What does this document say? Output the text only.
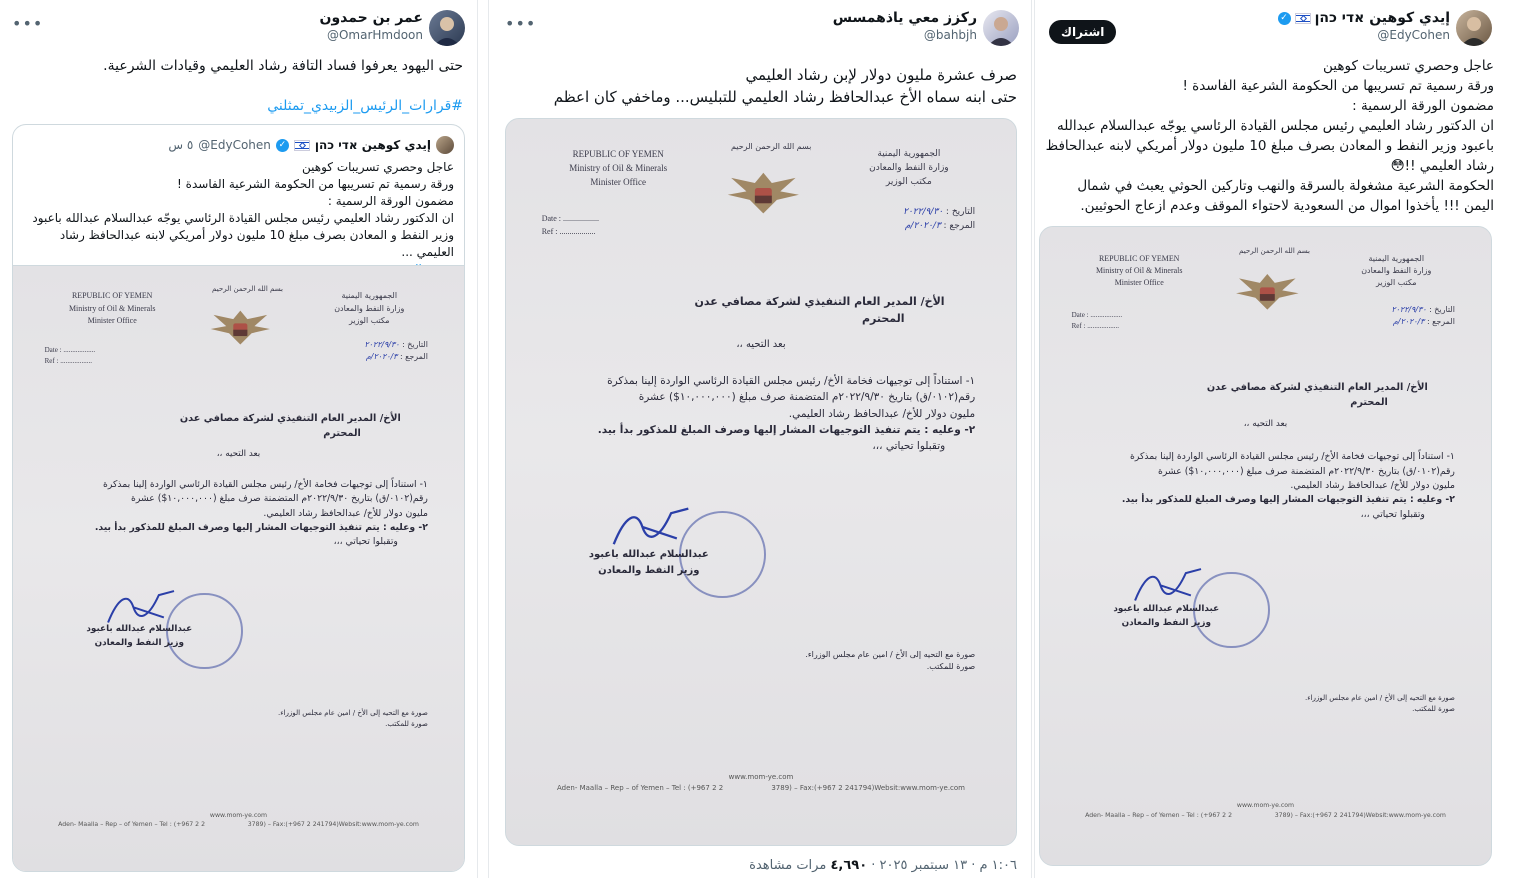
عمر بن حمدون
@OmarHmdoon
•••
حتى اليهود يعرفوا فساد التافة رشاد العليمي وقيادات الشرعية.
#قرارات_الرئيس_الزبيدي_تمثلني
إيدي كوهين אדי כהן
✓
@EdyCohen
٥ س
عاجل وحصري تسريبات كوهين
ورقة رسمية تم تسريبها من الحكومة الشرعية الفاسدة !
مضمون الورقة الرسمية :
ان الدكتور رشاد العليمي رئيس مجلس القيادة الرئاسي يوجّه عبدالسلام عبدالله باعبود
وزير النفط و المعادن بصرف مبلغ 10 مليون دولار أمريكي لابنه عبدالحافظ رشاد العليمي ...
REPUBLIC OF YEMEN
Ministry of Oil & Minerals
Minister Office
الجمهورية اليمنية
وزارة النفط والمعادن
مكتب الوزير
بسم الله الرحمن الرحيم
Date : ..................
Ref : ..................
التاريخ : ٢٠٢٢/٩/٣٠
المرجع : ٢٠٢٠/٣/م
الأخ/ المدير العام التنفيذي لشركة مصافي عدن المحترم
بعد التحيه ،،

١- استناداً إلى توجيهات فخامة الأخ/ رئيس مجلس القيادة الرئاسي الواردة إلينا بمذكرة

رقم(٠١٠٢/ق) بتاريخ ٢٠٢٢/٩/٣٠م المتضمنة صرف مبلغ (١٠,٠٠٠,٠٠٠$) عشرة

مليون دولار للأخ/ عبدالحافظ رشاد العليمي.

٢- وعليه : يتم تنفيذ التوجيهات المشار إليها وصرف المبلغ للمذكور بدأ بيد.

وتقبلوا تحياتي ،،،

عبدالسلام عبدالله باعبود
وزير النفط والمعادن
صورة مع التحيه إلى الأخ / امين عام مجلس الوزراء.
صورة للمكتب.
www.mom-ye.com
Aden- Maalla – Rep – of Yemen – Tel : (+967 2 2	3789) – Fax:(+967 2 241794)Websit:www.mom-ye.com
ركزز معي ياذهمسس
@bahbjh
•••
صرف عشرة مليون دولار لإبن رشاد العليمي
حتى ابنه سماه الأخ عبدالحافظ رشاد العليمي للتبليس... وماخفي كان اعظم
REPUBLIC OF YEMEN
Ministry of Oil & Minerals
Minister Office
الجمهورية اليمنية
وزارة النفط والمعادن
مكتب الوزير
بسم الله الرحمن الرحيم
Date : ..................
Ref : ..................
التاريخ : ٢٠٢٢/٩/٣٠
المرجع : ٢٠٢٠/٣/م
الأخ/ المدير العام التنفيذي لشركة مصافي عدن المحترم
بعد التحيه ،،

١- استناداً إلى توجيهات فخامة الأخ/ رئيس مجلس القيادة الرئاسي الواردة إلينا بمذكرة

رقم(٠١٠٢/ق) بتاريخ ٢٠٢٢/٩/٣٠م المتضمنة صرف مبلغ (١٠,٠٠٠,٠٠٠$) عشرة

مليون دولار للأخ/ عبدالحافظ رشاد العليمي.

٢- وعليه : يتم تنفيذ التوجيهات المشار إليها وصرف المبلغ للمذكور بدأ بيد.

وتقبلوا تحياتي ،،،

عبدالسلام عبدالله باعبود
وزير النفط والمعادن
صورة مع التحيه إلى الأخ / امين عام مجلس الوزراء.
صورة للمكتب.
www.mom-ye.com
Aden- Maalla – Rep – of Yemen – Tel : (+967 2 2	3789) – Fax:(+967 2 241794)Websit:www.mom-ye.com
١:٠٦ م · ١٣ سبتمبر ٢٠٢٥ · ٤,٦٩٠ مرات مشاهدة
إيدي كوهين אדי כהן
✓
@EdyCohen
اشتراك
عاجل وحصري تسريبات كوهين
ورقة رسمية تم تسريبها من الحكومة الشرعية الفاسدة !
مضمون الورقة الرسمية :
ان الدكتور رشاد العليمي رئيس مجلس القيادة الرئاسي يوجّه عبدالسلام عبدالله
باعبود وزير النفط و المعادن بصرف مبلغ 10 مليون دولار أمريكي لابنه عبدالحافظ
رشاد العليمي !!😳
الحكومة الشرعية مشغولة بالسرقة والنهب وتاركين الحوثي يعبث في شمال
اليمن !!! يأخذوا اموال من السعودية لاحتواء الموقف وعدم ازعاج الحوثيين.
REPUBLIC OF YEMEN
Ministry of Oil & Minerals
Minister Office
الجمهورية اليمنية
وزارة النفط والمعادن
مكتب الوزير
بسم الله الرحمن الرحيم
Date : ..................
Ref : ..................
التاريخ : ٢٠٢٢/٩/٣٠
المرجع : ٢٠٢٠/٣/م
الأخ/ المدير العام التنفيذي لشركة مصافي عدن المحترم
بعد التحيه ،،

١- استناداً إلى توجيهات فخامة الأخ/ رئيس مجلس القيادة الرئاسي الواردة إلينا بمذكرة

رقم(٠١٠٢/ق) بتاريخ ٢٠٢٢/٩/٣٠م المتضمنة صرف مبلغ (١٠,٠٠٠,٠٠٠$) عشرة

مليون دولار للأخ/ عبدالحافظ رشاد العليمي.

٢- وعليه : يتم تنفيذ التوجيهات المشار إليها وصرف المبلغ للمذكور بدأ بيد.

وتقبلوا تحياتي ،،،

عبدالسلام عبدالله باعبود
وزير النفط والمعادن
صورة مع التحيه إلى الأخ / امين عام مجلس الوزراء.
صورة للمكتب.
www.mom-ye.com
Aden- Maalla – Rep – of Yemen – Tel : (+967 2 2	3789) – Fax:(+967 2 241794)Websit:www.mom-ye.com
